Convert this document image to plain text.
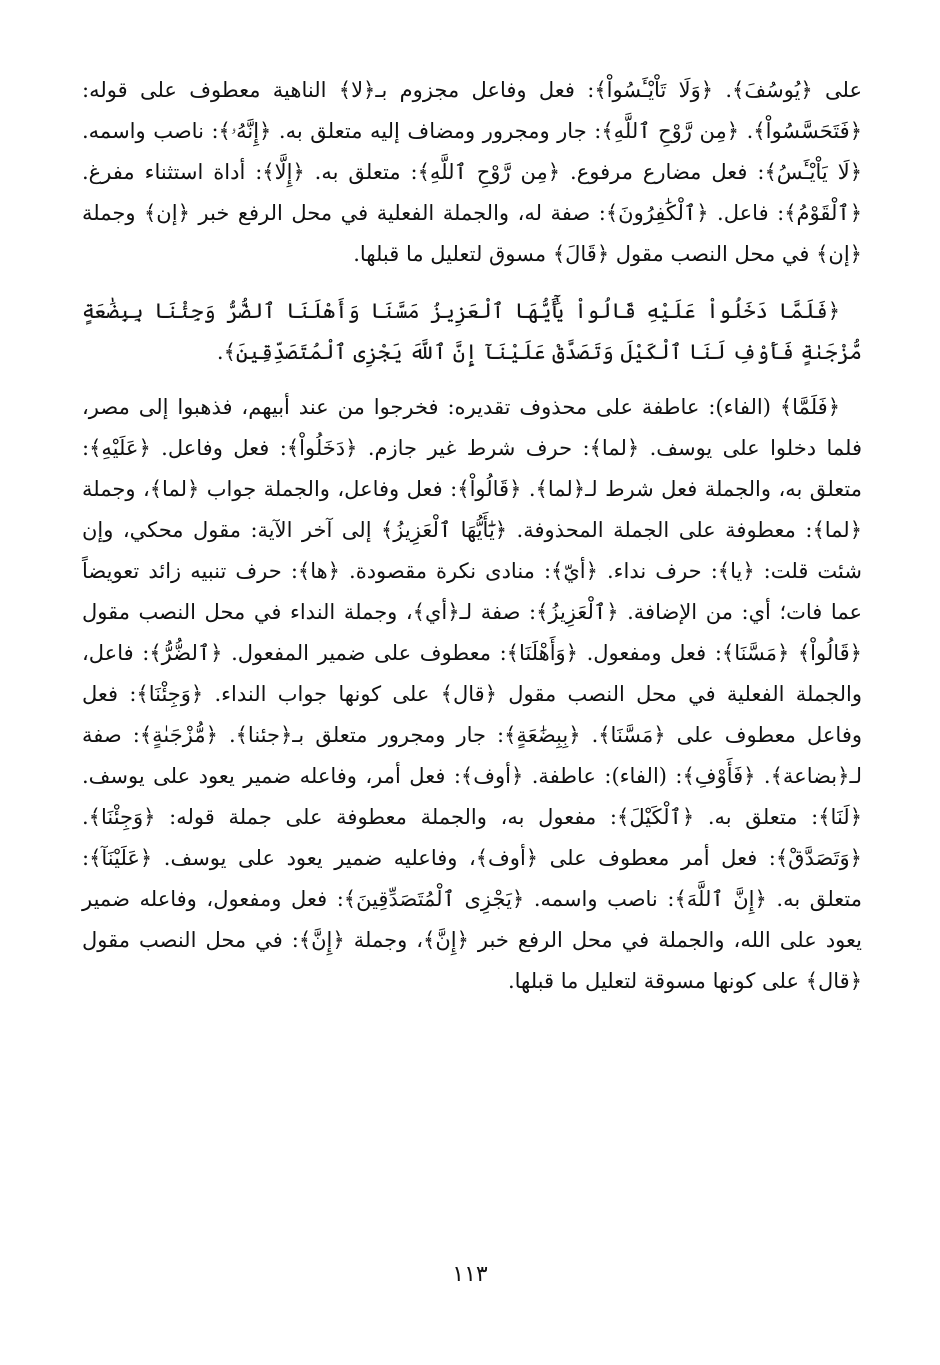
على ﴿يُوسُفَ﴾. ﴿وَلَا تَاْيْـَٔسُواْ﴾: فعل وفاعل مجزوم بـ﴿لا﴾ الناهية معطوف على قوله: ﴿فَتَحَسَّسُواْ﴾. ﴿مِن رَّوْحِ ٱللَّهِ﴾: جار ومجرور ومضاف إليه متعلق به. ﴿إِنَّهُۥ﴾: ناصب واسمه. ﴿لَا يَاْيْـَٔسُ﴾: فعل مضارع مرفوع. ﴿مِن رَّوْحِ ٱللَّهِ﴾: متعلق به. ﴿إِلَّا﴾: أداة استثناء مفرغ. ﴿ٱلْقَوْمُ﴾: فاعل. ﴿ٱلْكَٰفِرُونَ﴾: صفة له، والجملة الفعلية في محل الرفع خبر ﴿إن﴾ وجملة ﴿إن﴾ في محل النصب مقول ﴿قَالَ﴾ مسوق لتعليل ما قبلها.

﴿فَلَمَّا دَخَلُواْ عَلَيْهِ قَالُواْ يَٰٓأَيُّهَا ٱلْعَزِيزُ مَسَّنَا وَأَهْلَنَا ٱلضُّرُّ وَجِئْنَا بِبِضَٰعَةٍ مُّزْجَىٰةٍ فَأَوْفِ لَنَا ٱلْكَيْلَ وَتَصَدَّقْ عَلَيْنَآ إِنَّ ٱللَّهَ يَجْزِى ٱلْمُتَصَدِّقِينَ﴾.

﴿فَلَمَّا﴾ (الفاء): عاطفة على محذوف تقديره: فخرجوا من عند أبيهم، فذهبوا إلى مصر، فلما دخلوا على يوسف. ﴿لما﴾: حرف شرط غير جازم. ﴿دَخَلُواْ﴾: فعل وفاعل. ﴿عَلَيْهِ﴾: متعلق به، والجملة فعل شرط لـ﴿لما﴾. ﴿قَالُواْ﴾: فعل وفاعل، والجملة جواب ﴿لما﴾، وجملة ﴿لما﴾: معطوفة على الجملة المحذوفة. ﴿يَٰٓأَيُّهَا ٱلْعَزِيزُ﴾ إلى آخر الآية: مقول محكي، وإن شئت قلت: ﴿يا﴾: حرف نداء. ﴿أيّ﴾: منادى نكرة مقصودة. ﴿ها﴾: حرف تنبيه زائد تعويضاً عما فات؛ أي: من الإضافة. ﴿ٱلْعَزِيزُ﴾: صفة لـ﴿أي﴾، وجملة النداء في محل النصب مقول ﴿قَالُواْ﴾ ﴿مَسَّنَا﴾: فعل ومفعول. ﴿وَأَهْلَنَا﴾: معطوف على ضمير المفعول. ﴿ٱلضُّرُّ﴾: فاعل، والجملة الفعلية في محل النصب مقول ﴿قال﴾ على كونها جواب النداء. ﴿وَجِئْنَا﴾: فعل وفاعل معطوف على ﴿مَسَّنَا﴾. ﴿بِبِضَٰعَةٍ﴾: جار ومجرور متعلق بـ﴿جئنا﴾. ﴿مُّزْجَىٰةٍ﴾: صفة لـ﴿بضاعة﴾. ﴿فَأَوْفِ﴾: (الفاء): عاطفة. ﴿أوف﴾: فعل أمر، وفاعله ضمير يعود على يوسف. ﴿لَنَا﴾: متعلق به. ﴿ٱلْكَيْلَ﴾: مفعول به، والجملة معطوفة على جملة قوله: ﴿وَجِئْنَا﴾. ﴿وَتَصَدَّقْ﴾: فعل أمر معطوف على ﴿أوف﴾، وفاعليه ضمير يعود على يوسف. ﴿عَلَيْنَآ﴾: متعلق به. ﴿إِنَّ ٱللَّهَ﴾: ناصب واسمه. ﴿يَجْزِى ٱلْمُتَصَدِّقِينَ﴾: فعل ومفعول، وفاعله ضمير يعود على الله، والجملة في محل الرفع خبر ﴿إِنَّ﴾، وجملة ﴿إِنَّ﴾: في محل النصب مقول ﴿قال﴾ على كونها مسوقة لتعليل ما قبلها.

١١٣
